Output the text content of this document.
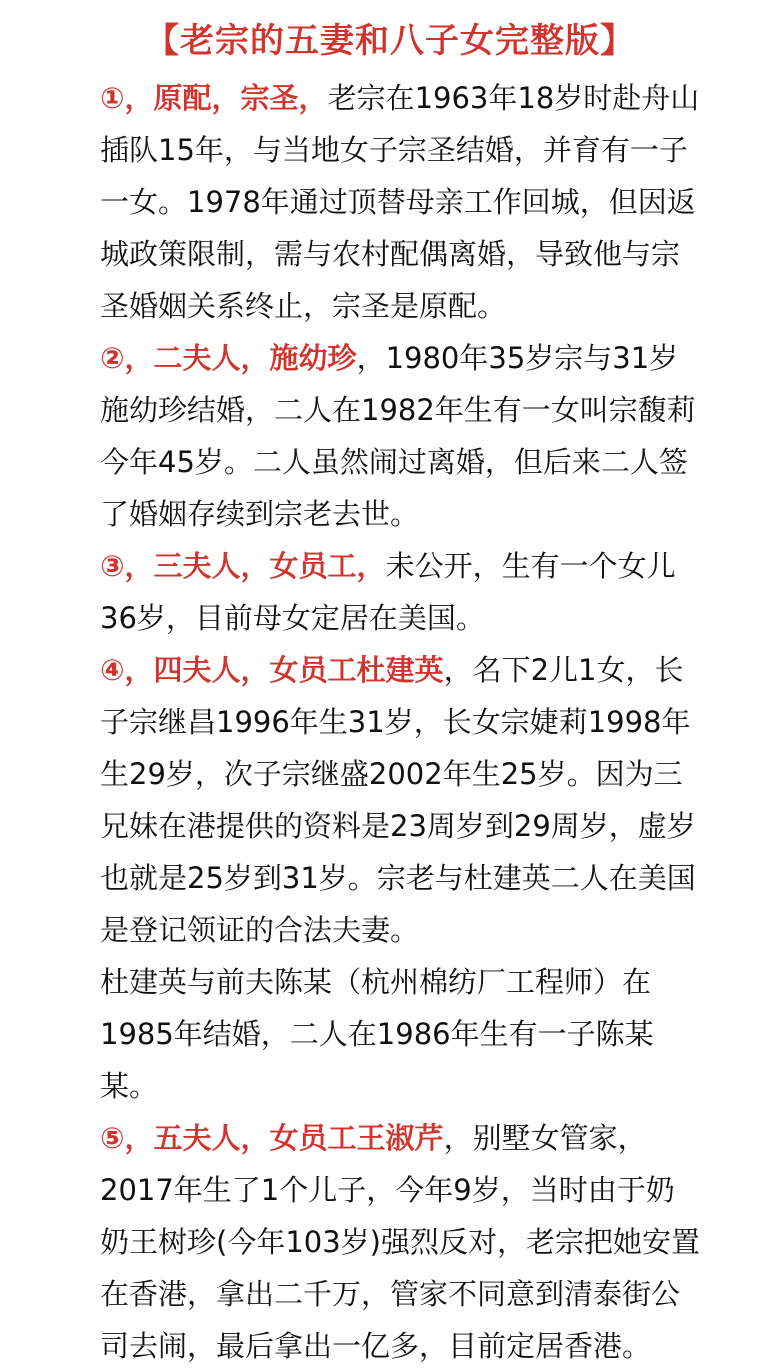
【老宗的五妻和八子女完整版】

①，原配，宗圣，老宗在1963年18岁时赴舟山插队15年，与当地女子宗圣结婚，并育有一子一女。1978年通过顶替母亲工作回城，但因返城政策限制，需与农村配偶离婚，导致他与宗圣婚姻关系终止，宗圣是原配。

②，二夫人，施幼珍，1980年35岁宗与31岁施幼珍结婚，二人在1982年生有一女叫宗馥莉今年45岁。二人虽然闹过离婚，但后来二人签了婚姻存续到宗老去世。

③，三夫人，女员工，未公开，生有一个女儿36岁，目前母女定居在美国。

④，四夫人，女员工杜建英，名下2儿1女，长子宗继昌1996年生31岁，长女宗婕莉1998年生29岁，次子宗继盛2002年生25岁。因为三兄妹在港提供的资料是23周岁到29周岁，虚岁也就是25岁到31岁。宗老与杜建英二人在美国是登记领证的合法夫妻。

杜建英与前夫陈某（杭州棉纺厂工程师）在1985年结婚，二人在1986年生有一子陈某某。

⑤，五夫人，女员工王淑芹，别墅女管家，2017年生了1个儿子，今年9岁，当时由于奶奶王树珍(今年103岁)强烈反对，老宗把她安置在香港，拿出二千万，管家不同意到清泰街公司去闹，最后拿出一亿多，目前定居香港。
